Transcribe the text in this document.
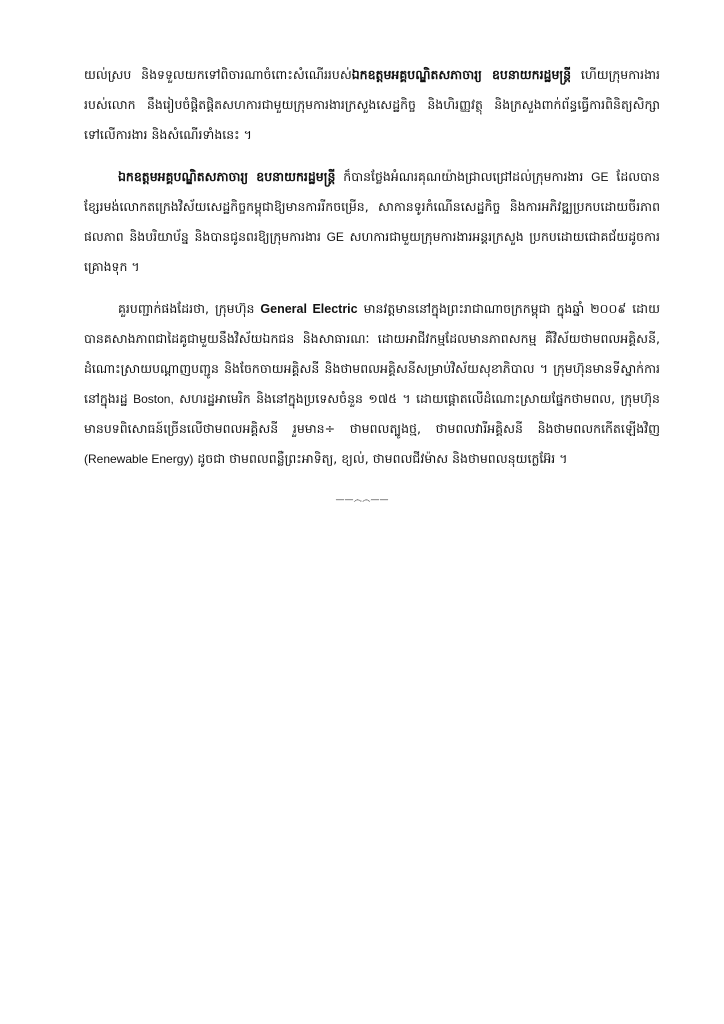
យល់ស្រប និងទទួលយកទៅពិចារណាចំពោះសំណើររបស់ឯកឧត្តមអគ្គបណ្ឌិតសភាចារ្យ ឧបនាយករដ្ឋមន្ត្រី ហើយក្រុមការងាររបស់លោក នឹងរៀបចំផ្តិតផ្តិតសហការជាមួយក្រុមការងារក្រសួងសេដ្ឋកិច្ច និងហិរញ្ញវត្ថុ និងក្រសួងពាក់ព័ន្ធធ្វើការពិនិត្យសិក្សាទៅលើការងារ និងសំណើរទាំងនេះ ។

ឯកឧត្តមអគ្គបណ្ឌិតសភាចារ្យ ឧបនាយករដ្ឋមន្ត្រី ក៏បានថ្លែងអំណរគុណយ៉ាងជ្រាលជ្រៅដល់ក្រុមការងារ GE ដែលបានខ្សែរមង់លោកតក្រេងវិស័យសេដ្ឋកិច្ចកម្ពុជាឱ្យមានការរីកចម្រើន, សាកានទូរកំណើនសេដ្ឋកិច្ច និងការអភិវឌ្ឍប្រកបដោយចីរភាព ផលភាព និងបរិយាប័ន្ន និងបានជូនពរឱ្យក្រុមការងារ GE សហការជាមួយក្រុមការងារអន្តរក្រសួង ប្រកបដោយជោគជ័យដូចការគ្រោងទុក ។

គួរបញ្ជាក់ផងដែរថា, ក្រុមហ៊ុន General Electric មានវត្តមាននៅក្នុងព្រះរាជាណាចក្រកម្ពុជា ក្នុងឆ្នាំ ២០០៩ ដោយបានគសាងភាពជាដៃគូជាមួយនឹងវិស័យឯកជន និងសាធារណៈ ដោយអាជីវកម្មដែលមានភាពសកម្ម គឺវិស័យថាមពលអគ្គិសនី, ដំណោះស្រាយបណ្ដាញបញ្ជូន និងចែកចាយអគ្គិសនី និងថាមពលអគ្គិសនីសម្រាប់វិស័យសុខាភិបាល ។ ក្រុមហ៊ុនមានទីស្នាក់ការនៅក្នុងរដ្ឋ Boston, សហរដ្ឋអាមេរិក និងនៅក្នុងប្រទេសចំនួន ១៧៥ ។ ដោយផ្ដោតលើដំណោះស្រាយផ្នែកថាមពល, ក្រុមហ៊ុនមានបទពិសោធន៍ច្រើនលើថាមពលអគ្គិសនី រួមមាន÷ ថាមពលត្បូងថ្ម, ថាមពលវារីអគ្គិសនី និងថាមពលកកើតឡើងវិញ (Renewable Energy) ដូចជា ថាមពលពន្លឺព្រះអាទិត្យ, ខ្យល់, ថាមពលជីវម៉ាស និងថាមពលនុយក្លេអ៊ែរ ។

——෴෴——
